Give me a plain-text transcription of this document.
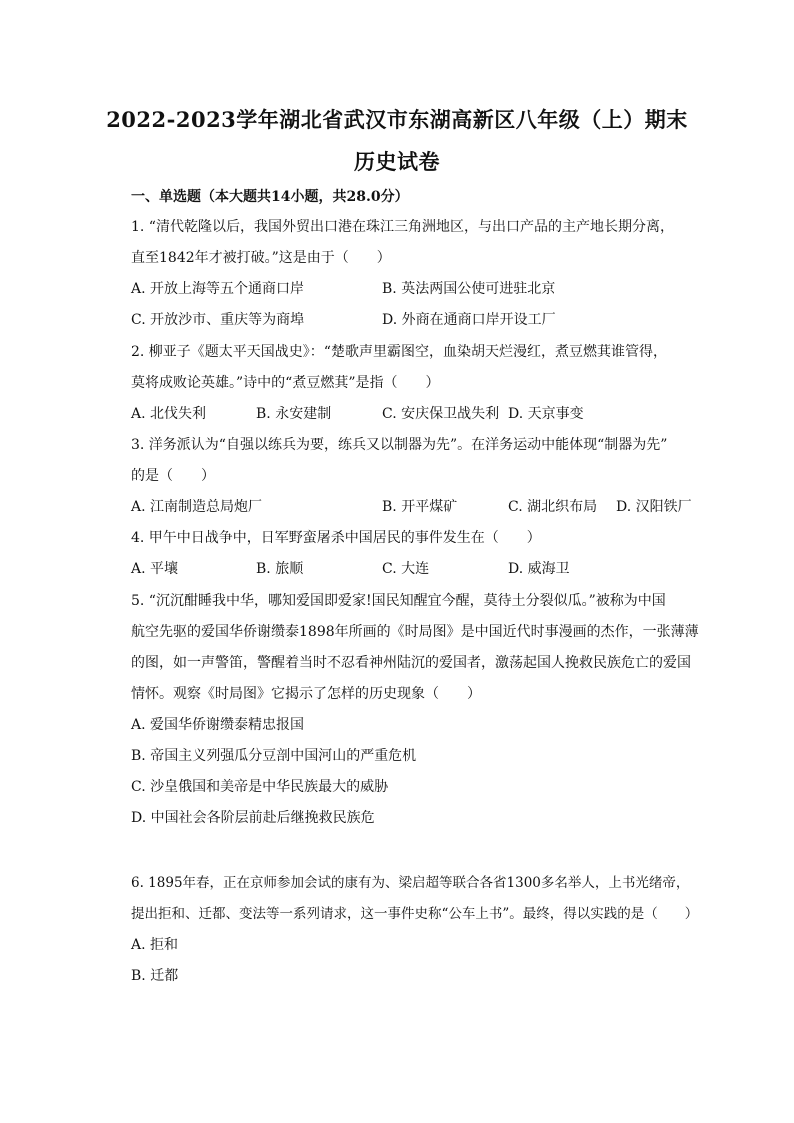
2022-2023学年湖北省武汉市东湖高新区八年级（上）期末
历史试卷
一、单选题（本大题共14小题，共28.0分）
1. “清代乾隆以后，我国外贸出口港在珠江三角洲地区，与出口产品的主产地长期分离，
直至1842年才被打破。”这是由于（　　）
A. 开放上海等五个通商口岸	B. 英法两国公使可进驻北京
C. 开放沙市、重庆等为商埠	D. 外商在通商口岸开设工厂
2. 柳亚子《题太平天国战史》：“楚歌声里霸图空，血染胡天烂漫红，煮豆燃萁谁管得，
莫将成败论英雄。”诗中的“煮豆燃萁”是指（　　）
A. 北伐失利	B. 永安建制	C. 安庆保卫战失利 D. 天京事变
3. 洋务派认为“自强以练兵为要，练兵又以制器为先”。在洋务运动中能体现“制器为先”
的是（　　）
A. 江南制造总局炮厂	B. 开平煤矿	C. 湖北织布局 D. 汉阳铁厂
4. 甲午中日战争中，日军野蛮屠杀中国居民的事件发生在（　　）
A. 平壤	B. 旅顺	C. 大连	D. 威海卫
5. “沉沉酣睡我中华，哪知爱国即爱家!国民知醒宜今醒，莫待土分裂似瓜。”被称为中国
航空先驱的爱国华侨谢缵泰1898年所画的《时局图》是中国近代时事漫画的杰作，一张薄薄
的图，如一声警笛，警醒着当时不忍看神州陆沉的爱国者，激荡起国人挽救民族危亡的爱国
情怀。观察《时局图》它揭示了怎样的历史现象（　　）
A. 爱国华侨谢缵泰精忠报国
B. 帝国主义列强瓜分豆剖中国河山的严重危机
C. 沙皇俄国和美帝是中华民族最大的威胁
D. 中国社会各阶层前赴后继挽救民族危
6. 1895年春，正在京师参加会试的康有为、梁启超等联合各省1300多名举人，上书光绪帝，
提出拒和、迁都、变法等一系列请求，这一事件史称“公车上书”。最终，得以实践的是（　　）
A. 拒和
B. 迁都
